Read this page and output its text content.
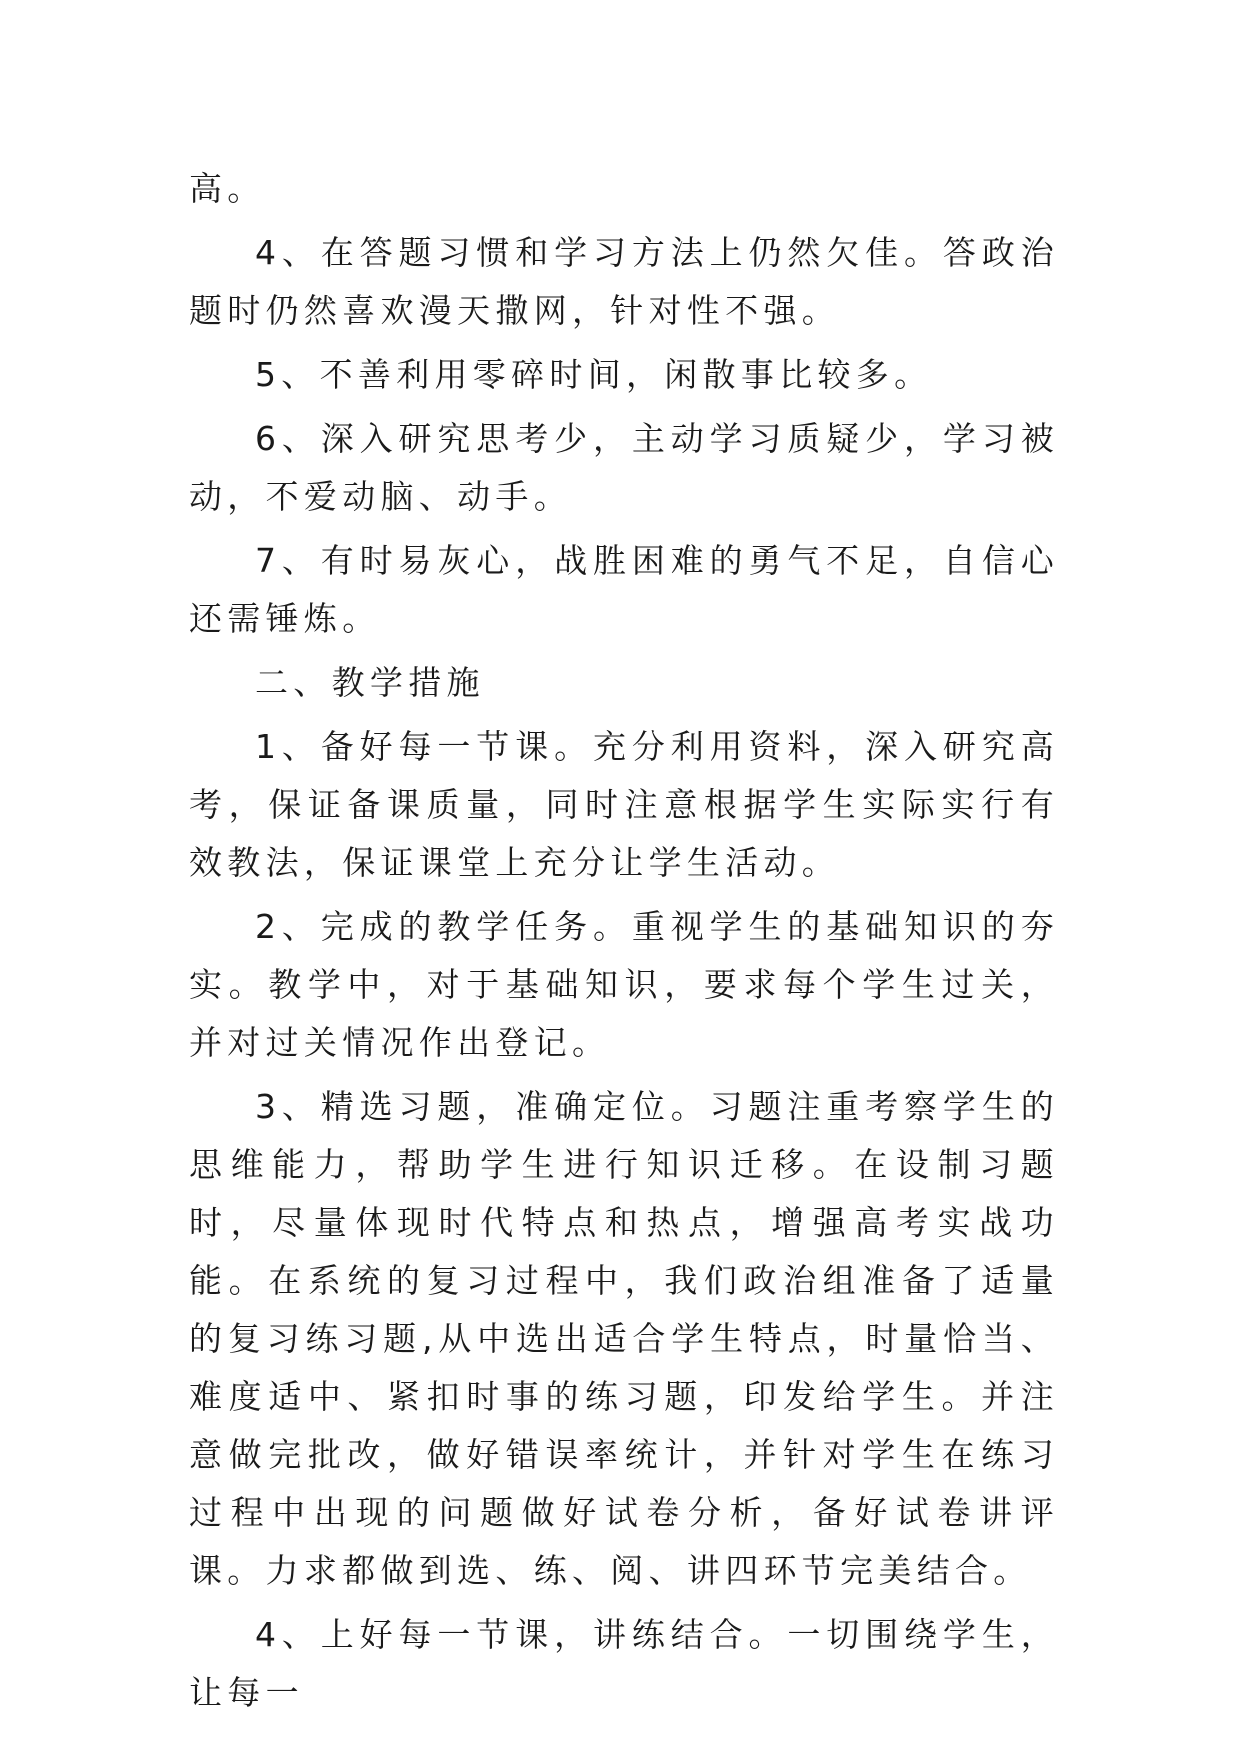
高。

4、在答题习惯和学习方法上仍然欠佳。答政治题时仍然喜欢漫天撒网，针对性不强。

5、不善利用零碎时间，闲散事比较多。

6、深入研究思考少，主动学习质疑少，学习被动，不爱动脑、动手。

7、有时易灰心，战胜困难的勇气不足，自信心还需锤炼。

二、教学措施

1、备好每一节课。充分利用资料，深入研究高考，保证备课质量，同时注意根据学生实际实行有效教法，保证课堂上充分让学生活动。

2、完成的教学任务。重视学生的基础知识的夯实。教学中，对于基础知识，要求每个学生过关，并对过关情况作出登记。

3、精选习题，准确定位。习题注重考察学生的思维能力，帮助学生进行知识迁移。在设制习题时，尽量体现时代特点和热点，增强高考实战功能。在系统的复习过程中，我们政治组准备了适量的复习练习题,从中选出适合学生特点，时量恰当、难度适中、紧扣时事的练习题，印发给学生。并注意做完批改，做好错误率统计，并针对学生在练习过程中出现的问题做好试卷分析，备好试卷讲评课。力求都做到选、练、阅、讲四环节完美结合。

4、上好每一节课，讲练结合。一切围绕学生，让每一
